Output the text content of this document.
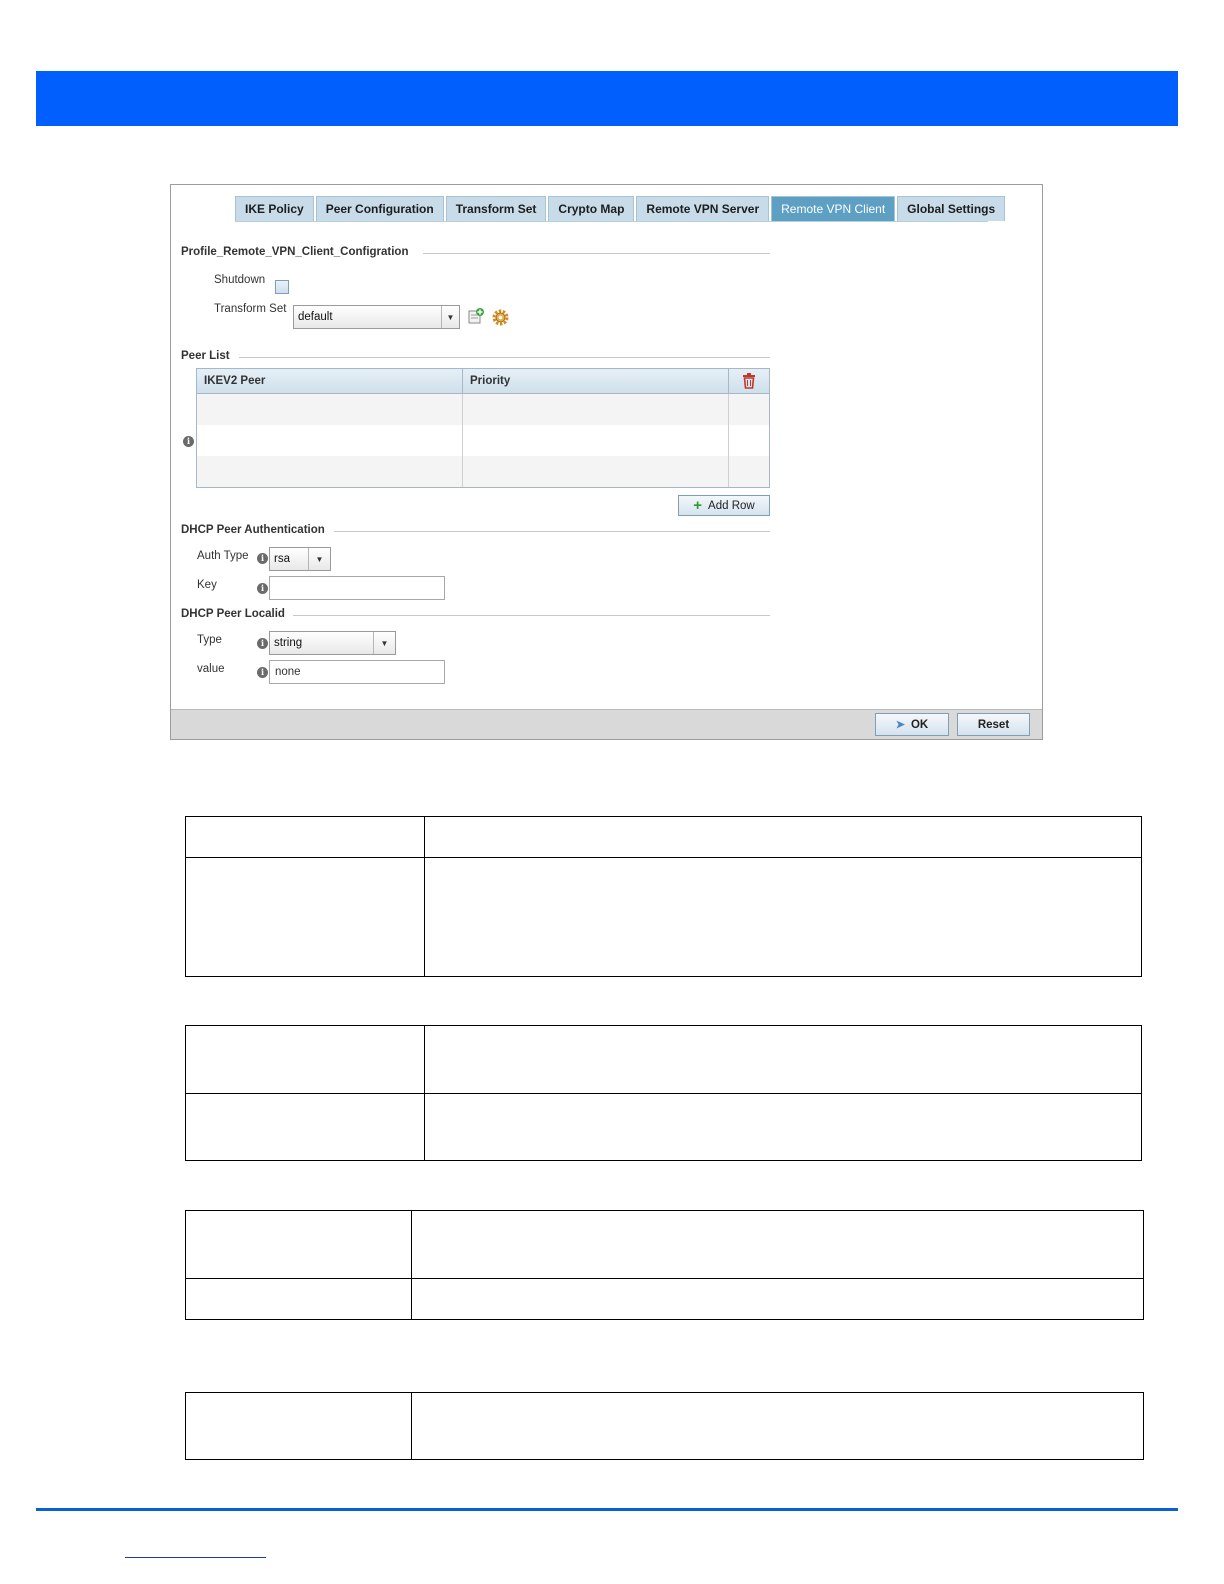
IKE Policy	Peer Configuration	Transform Set	Crypto Map	Remote VPN Server	Remote VPN Client	Global Settings
Profile_Remote_VPN_Client_Configration
Shutdown
Transform Set
default	▼
Peer List
i
IKEV2 Peer	Priority
+ Add Row
DHCP Peer Authentication
Auth Type	i rsa	▼
Key	i
DHCP Peer Localid
Type	i string	▼
value	i none
➤ OK	Reset
